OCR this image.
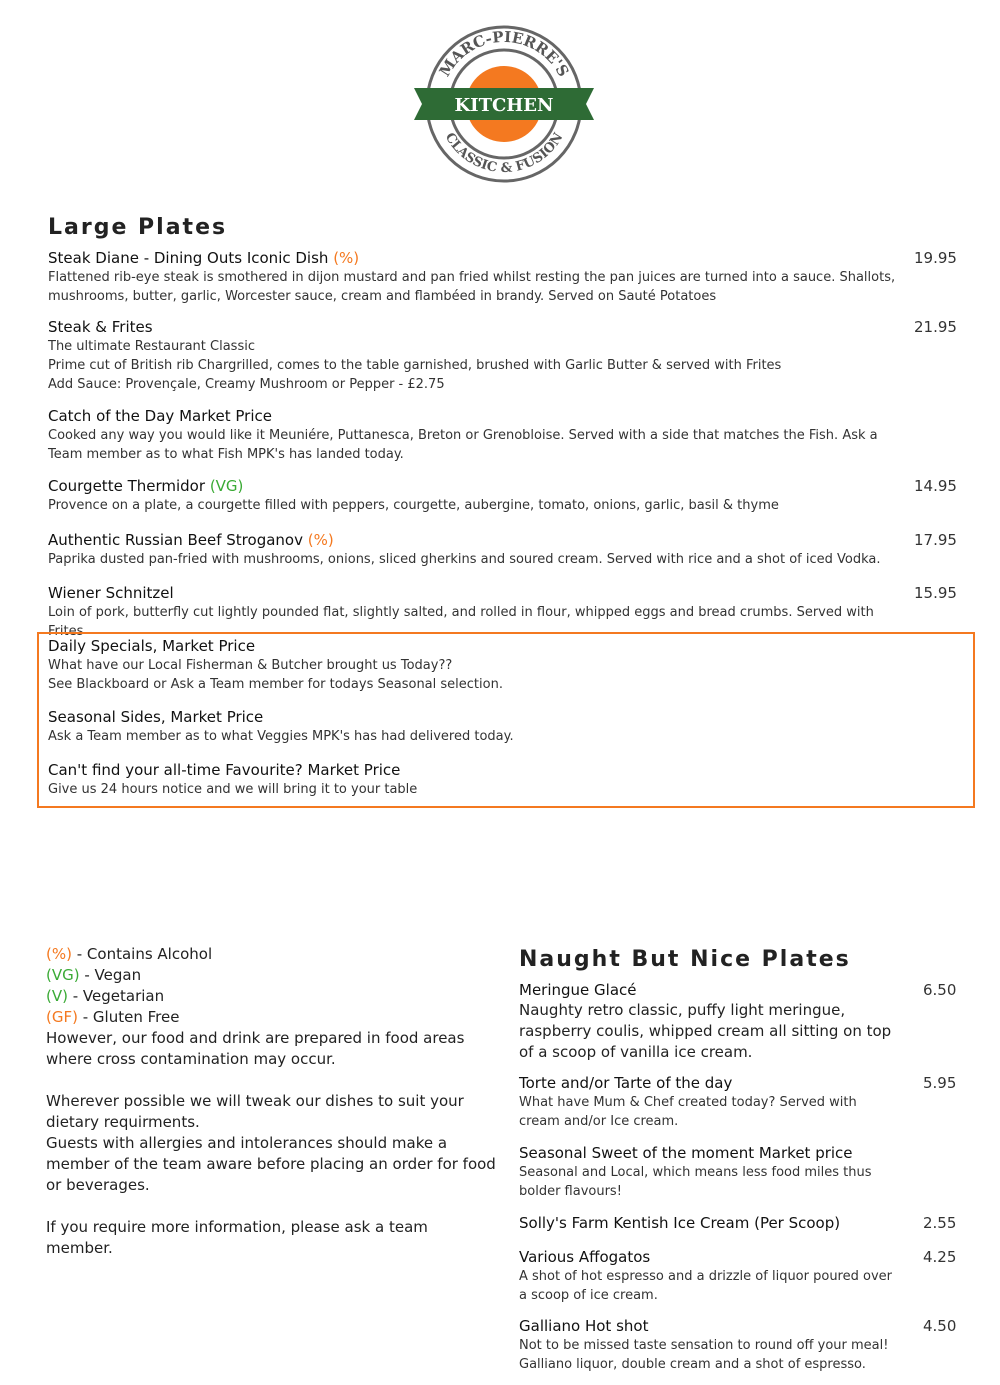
MARC-PIERRE'S
CLASSIC & FUSION
KITCHEN
Large Plates
Steak Diane - Dining Outs Iconic Dish (%)
Flattened rib-eye steak is smothered in dijon mustard and pan fried whilst resting the pan juices are turned into a sauce. Shallots, mushrooms, butter, garlic, Worcester sauce, cream and flambéed in brandy. Served on Sauté Potatoes
19.95
Steak & Frites
The ultimate Restaurant Classic
Prime cut of British rib Chargrilled, comes to the table garnished, brushed with Garlic Butter & served with Frites
Add Sauce: Provençale, Creamy Mushroom or Pepper - £2.75
21.95
Catch of the Day Market Price
Cooked any way you would like it Meuniére, Puttanesca, Breton or Grenobloise. Served with a side that matches the Fish. Ask a Team member as to what Fish MPK's has landed today.
Courgette Thermidor (VG)
Provence on a plate, a courgette filled with peppers, courgette, aubergine, tomato, onions, garlic, basil & thyme
14.95
Authentic Russian Beef Stroganov (%)
Paprika dusted pan-fried with mushrooms, onions, sliced gherkins and soured cream. Served with rice and a shot of iced Vodka.
17.95
Wiener Schnitzel
Loin of pork, butterfly cut lightly pounded flat, slightly salted, and rolled in flour, whipped eggs and bread crumbs. Served with Frites
15.95
Daily Specials, Market Price
What have our Local Fisherman & Butcher brought us Today??
See Blackboard or Ask a Team member for todays Seasonal selection.
Seasonal Sides, Market Price
Ask a Team member as to what Veggies MPK's has had delivered today.
Can't find your all-time Favourite? Market Price
Give us 24 hours notice and we will bring it to your table
(%) - Contains Alcohol
(VG) - Vegan
(V) - Vegetarian
(GF) - Gluten Free
However, our food and drink are prepared in food areas where cross contamination may occur.
Wherever possible we will tweak our dishes to suit your dietary requirments.
Guests with allergies and intolerances should make a member of the team aware before placing an order for food or beverages.
If you require more information, please ask a team member.
Naught But Nice Plates
Meringue Glacé
Naughty retro classic, puffy light meringue, raspberry coulis, whipped cream all sitting on top of a scoop of vanilla ice cream.
6.50
Torte and/or Tarte of the day
What have Mum & Chef created today? Served with cream and/or Ice cream.
5.95
Seasonal Sweet of the moment Market price
Seasonal and Local, which means less food miles thus bolder flavours!
Solly's Farm Kentish Ice Cream (Per Scoop)	2.55
Various Affogatos
A shot of hot espresso and a drizzle of liquor poured over a scoop of ice cream.
4.25
Galliano Hot shot
Not to be missed taste sensation to round off your meal! Galliano liquor, double cream and a shot of espresso.
4.50
